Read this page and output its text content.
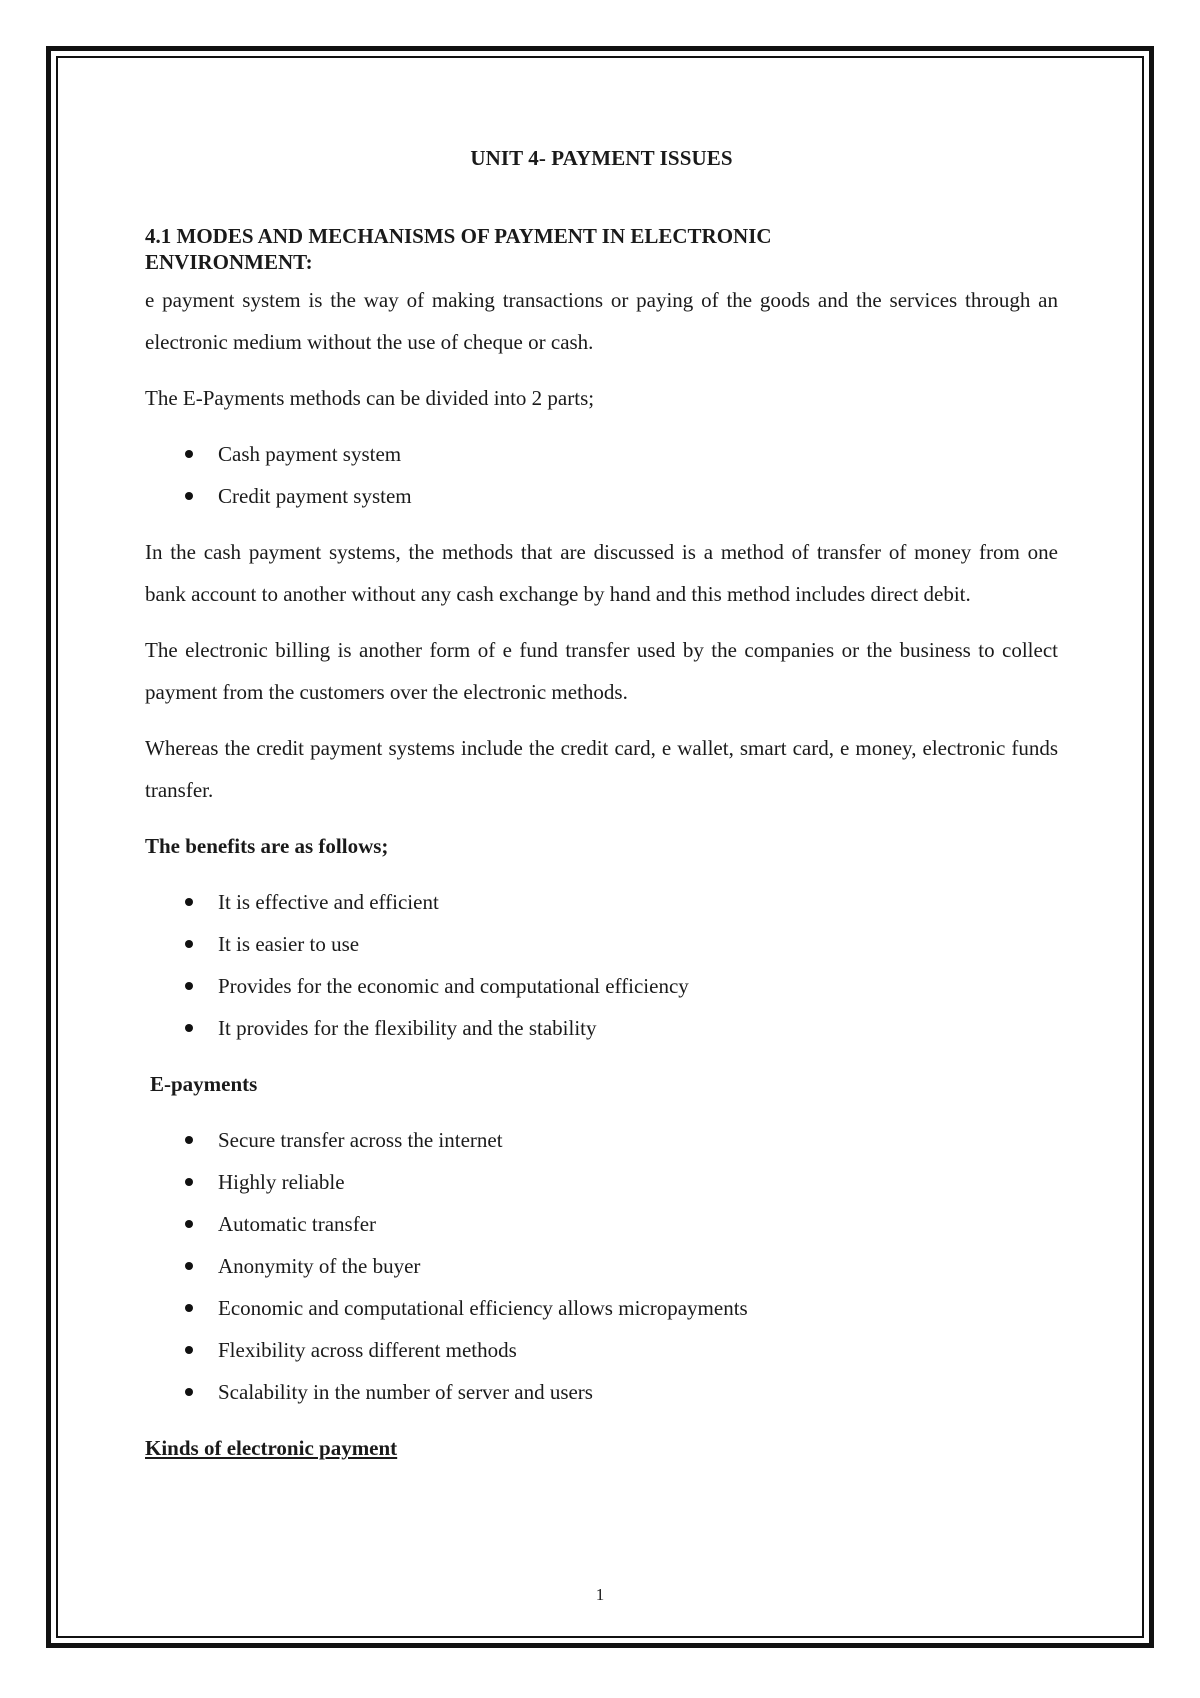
UNIT 4- PAYMENT ISSUES
4.1 MODES AND MECHANISMS OF PAYMENT IN ELECTRONIC ENVIRONMENT:

e payment system is the way of making transactions or paying of the goods and the services through an electronic medium without the use of cheque or cash.

The E-Payments methods can be divided into 2 parts;

Cash payment system
Credit payment system

In the cash payment systems, the methods that are discussed is a method of transfer of money from one bank account to another without any cash exchange by hand and this method includes direct debit.

The electronic billing is another form of e fund transfer used by the companies or the business to collect payment from the customers over the electronic methods.

Whereas the credit payment systems include the credit card, e wallet, smart card, e money, electronic funds transfer.

The benefits are as follows;
It is effective and efficient
It is easier to use
Provides for the economic and computational efficiency
It provides for the flexibility and the stability
E-payments
Secure transfer across the internet
Highly reliable
Automatic transfer
Anonymity of the buyer
Economic and computational efficiency allows micropayments
Flexibility across different methods
Scalability in the number of server and users
Kinds of electronic payment
1
